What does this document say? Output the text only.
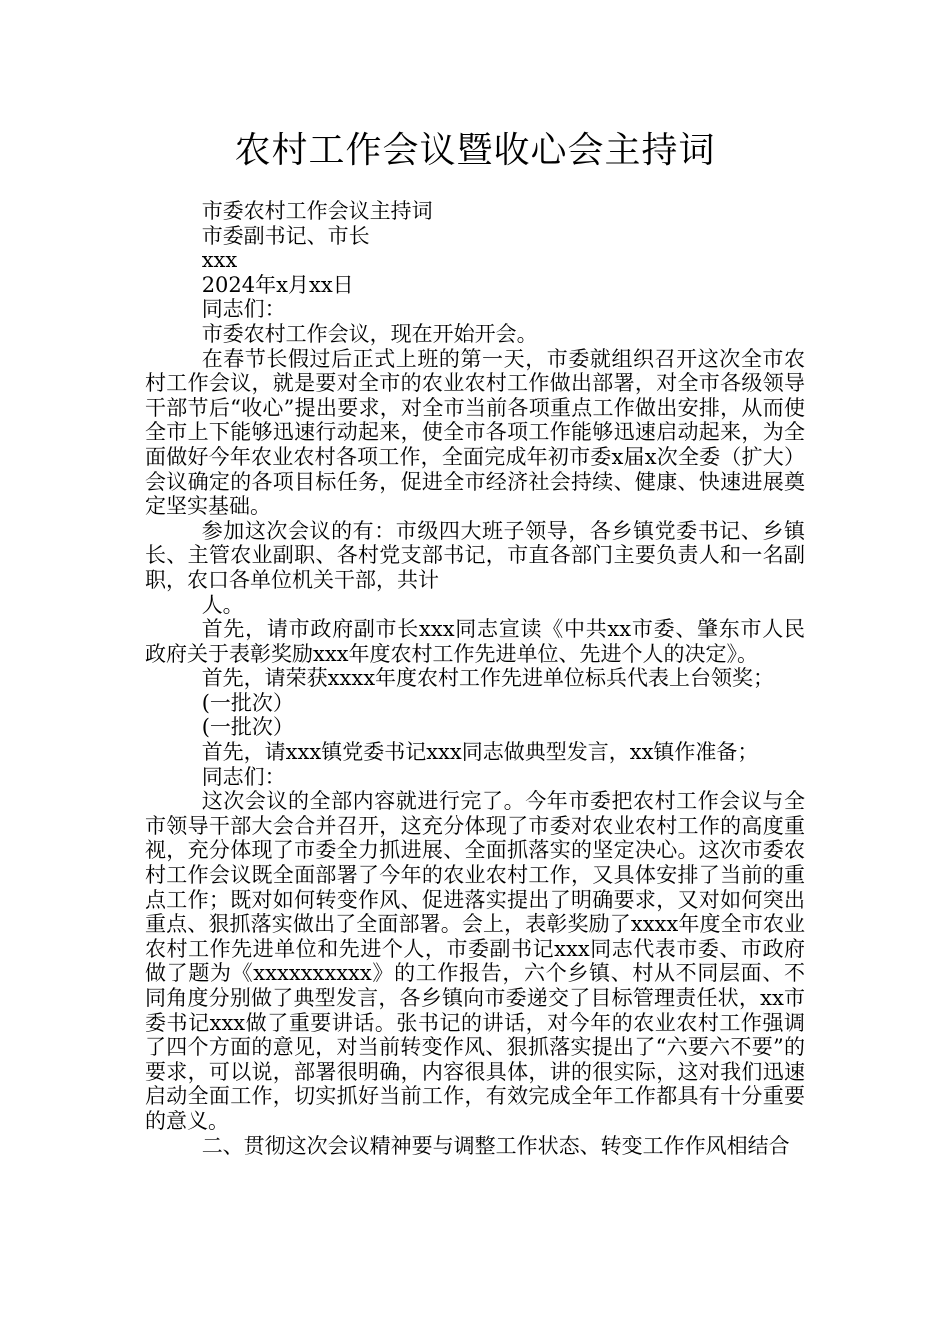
农村工作会议暨收心会主持词

市委农村工作会议主持词

市委副书记、市长

xxx

2024年x月xx日

同志们：

市委农村工作会议，现在开始开会。

在春节长假过后正式上班的第一天，市委就组织召开这次全市农村工作会议，就是要对全市的农业农村工作做出部署，对全市各级领导干部节后“收心”提出要求，对全市当前各项重点工作做出安排，从而使全市上下能够迅速行动起来，使全市各项工作能够迅速启动起来，为全面做好今年农业农村各项工作，全面完成年初市委x届x次全委（扩大）会议确定的各项目标任务，促进全市经济社会持续、健康、快速进展奠定坚实基础。

参加这次会议的有：市级四大班子领导，各乡镇党委书记、乡镇长、主管农业副职、各村党支部书记，市直各部门主要负责人和一名副职，农口各单位机关干部，共计

人。

首先，请市政府副市长xxx同志宣读《中共xx市委、肇东市人民政府关于表彰奖励xxx年度农村工作先进单位、先进个人的决定》。

首先，请荣获xxxx年度农村工作先进单位标兵代表上台领奖；

(一批次）

(一批次）

首先，请xxx镇党委书记xxx同志做典型发言，xx镇作准备；

同志们：

这次会议的全部内容就进行完了。今年市委把农村工作会议与全市领导干部大会合并召开，这充分体现了市委对农业农村工作的高度重视，充分体现了市委全力抓进展、全面抓落实的坚定决心。这次市委农村工作会议既全面部署了今年的农业农村工作，又具体安排了当前的重点工作；既对如何转变作风、促进落实提出了明确要求，又对如何突出重点、狠抓落实做出了全面部署。会上，表彰奖励了xxxx年度全市农业农村工作先进单位和先进个人，市委副书记xxx同志代表市委、市政府做了题为《xxxxxxxxxx》的工作报告，六个乡镇、村从不同层面、不同角度分别做了典型发言，各乡镇向市委递交了目标管理责任状，xx市委书记xxx做了重要讲话。张书记的讲话，对今年的农业农村工作强调了四个方面的意见，对当前转变作风、狠抓落实提出了“六要六不要”的要求，可以说，部署很明确，内容很具体，讲的很实际，这对我们迅速启动全面工作，切实抓好当前工作，有效完成全年工作都具有十分重要的意义。

二、贯彻这次会议精神要与调整工作状态、转变工作作风相结合
